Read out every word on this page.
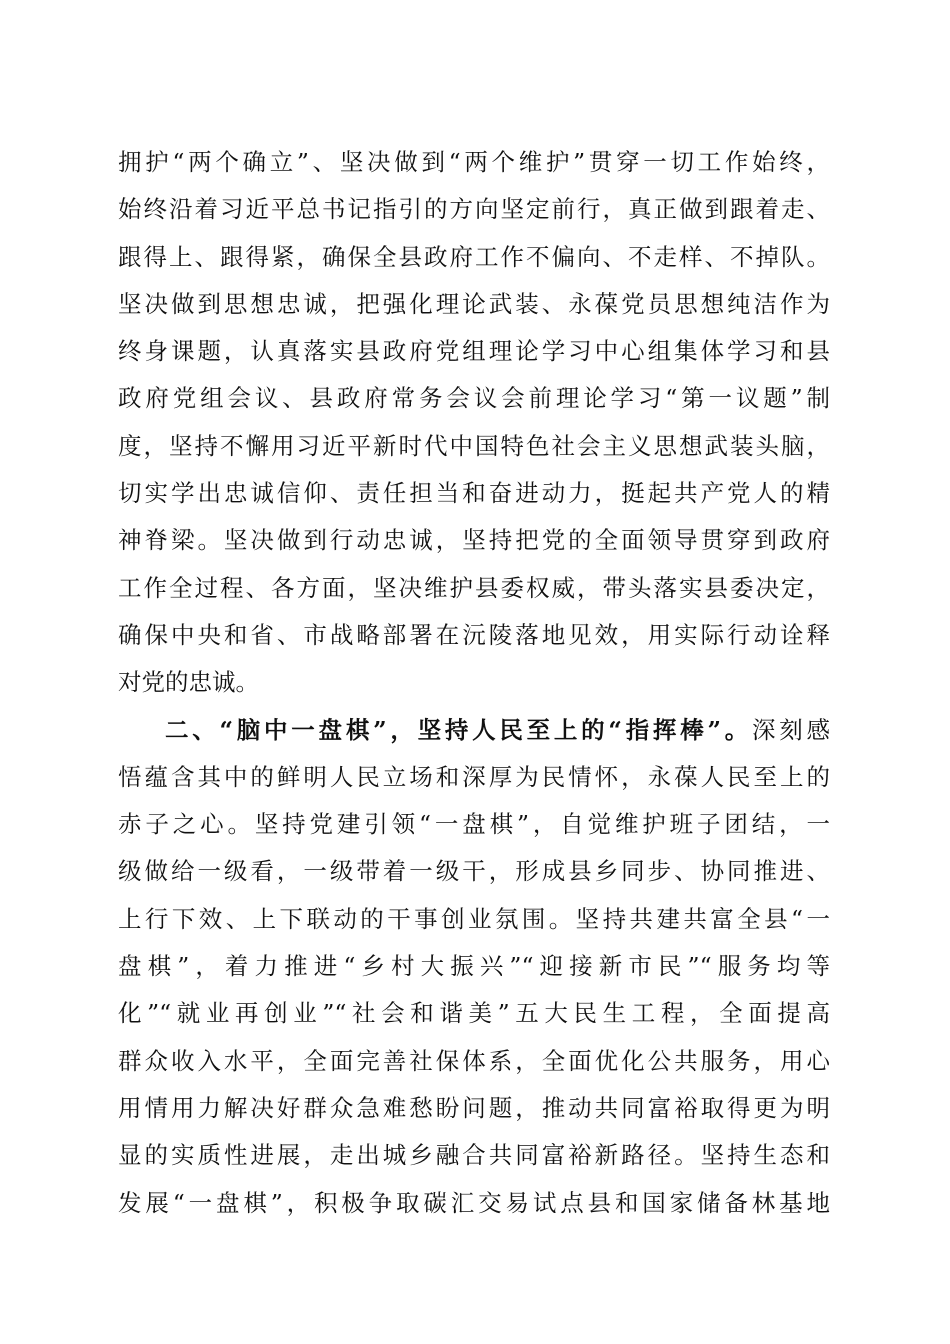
拥护“两个确立”、坚决做到“两个维护”贯穿一切工作始终，
始终沿着习近平总书记指引的方向坚定前行，真正做到跟着走、
跟得上、跟得紧，确保全县政府工作不偏向、不走样、不掉队。
坚决做到思想忠诚，把强化理论武装、永葆党员思想纯洁作为
终身课题，认真落实县政府党组理论学习中心组集体学习和县
政府党组会议、县政府常务会议会前理论学习“第一议题”制
度，坚持不懈用习近平新时代中国特色社会主义思想武装头脑，
切实学出忠诚信仰、责任担当和奋进动力，挺起共产党人的精
神脊梁。坚决做到行动忠诚，坚持把党的全面领导贯穿到政府
工作全过程、各方面，坚决维护县委权威，带头落实县委决定，
确保中央和省、市战略部署在沅陵落地见效，用实际行动诠释
对党的忠诚。
二、“脑中一盘棋”，坚持人民至上的“指挥棒”。深刻感
悟蕴含其中的鲜明人民立场和深厚为民情怀，永葆人民至上的
赤子之心。坚持党建引领“一盘棋”，自觉维护班子团结，一
级做给一级看，一级带着一级干，形成县乡同步、协同推进、
上行下效、上下联动的干事创业氛围。坚持共建共富全县“一
盘棋”，着力推进“乡村大振兴”“迎接新市民”“服务均等
化”“就业再创业”“社会和谐美”五大民生工程，全面提高
群众收入水平，全面完善社保体系，全面优化公共服务，用心
用情用力解决好群众急难愁盼问题，推动共同富裕取得更为明
显的实质性进展，走出城乡融合共同富裕新路径。坚持生态和
发展“一盘棋”，积极争取碳汇交易试点县和国家储备林基地
